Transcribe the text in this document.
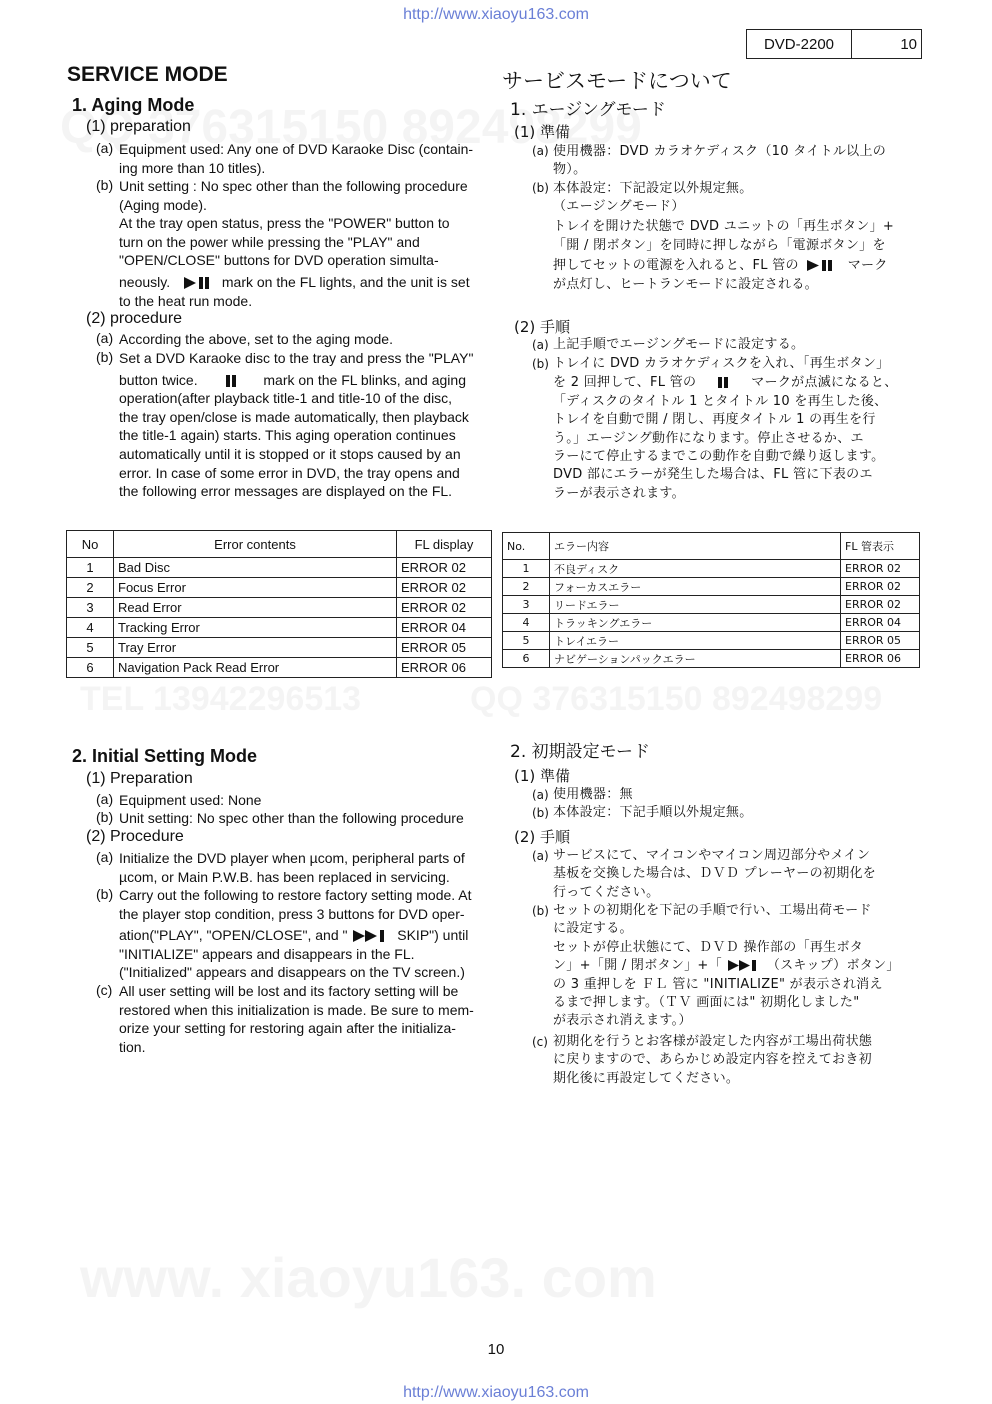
http://www.xiaoyu163.com
DVD-2200	10
SERVICE MODE
1. Aging Mode
(1) preparation
(a) Equipment used: Any one of DVD Karaoke Disc (contain-
ing more than 10 titles).
(b) Unit setting : No spec other than the following procedure
(Aging mode).
At the tray open status, press the "POWER" button to
turn on the power while pressing the "PLAY" and
"OPEN/CLOSE" buttons for DVD operation simulta-
neously.	mark on the FL lights, and the unit is set
to the heat run mode.
(2) procedure
(a) According the above, set to the aging mode.
(b) Set a DVD Karaoke disc to the tray and press the "PLAY"
button twice.	mark on the FL blinks, and aging
operation(after playback title-1 and title-10 of the disc,
the tray open/close is made automatically, then playback
the title-1 again) starts. This aging operation continues
automatically until it is stopped or it stops caused by an
error. In case of some error in DVD, the tray opens and
the following error messages are displayed on the FL.
No	Error contents	FL display
1	Bad Disc	ERROR 02
2	Focus Error	ERROR 02
3	Read Error	ERROR 02
4	Tracking Error	ERROR 04
5	Tray Error	ERROR 05
6	Navigation Pack Read Error	ERROR 06
2. Initial Setting Mode
(1) Preparation
(a) Equipment used: None
(b) Unit setting: No spec other than the following procedure
(2) Procedure
(a) Initialize the DVD player when µcom, peripheral parts of
µcom, or Main P.W.B. has been replaced in servicing.
(b) Carry out the following to restore factory setting mode. At
the player stop condition, press 3 buttons for DVD oper-
ation("PLAY", "OPEN/CLOSE", and "	SKIP") until
"INITIALIZE" appears and disappears in the FL.
("Initialized" appears and disappears on the TV screen.)
(c) All user setting will be lost and its factory setting will be
restored when this initialization is made. Be sure to mem-
orize your setting for restoring again after the initializa-
tion.
サービスモードについて
1. エージングモード
(1) 準備
(a) 使用機器：DVD カラオケディスク（10 タイトル以上の
物）。
(b) 本体設定：下記設定以外規定無。
（エージングモード）
トレイを開けた状態で DVD ユニットの「再生ボタン」+
「開 / 閉ボタン」を同時に押しながら「電源ボタン」を
押してセットの電源を入れると、FL 管の	マーク
が点灯し、ヒートランモードに設定される。
(2) 手順
(a) 上記手順でエージングモードに設定する。
(b) トレイに DVD カラオケディスクを入れ、「再生ボタン」
を 2 回押して、FL 管の	マークが点滅になると、
「ディスクのタイトル 1 とタイトル 10 を再生した後、
トレイを自動で開 / 閉し、再度タイトル 1 の再生を行
う。」エージング動作になります。停止させるか、エ
ラーにて停止するまでこの動作を自動で繰り返します。
DVD 部にエラーが発生した場合は、FL 管に下表のエ
ラーが表示されます。
No.	エラー内容	FL 管表示
1	不良ディスク	ERROR 02
2	フォーカスエラー	ERROR 02
3	リードエラー	ERROR 02
4	トラッキングエラー	ERROR 04
5	トレイエラー	ERROR 05
6	ナビゲーションパックエラー	ERROR 06
2. 初期設定モード
(1) 準備
(a) 使用機器：無
(b) 本体設定：下記手順以外規定無。
(2) 手順
(a) サービスにて、マイコンやマイコン周辺部分やメイン
基板を交換した場合は、ＤＶＤ プレーヤーの初期化を
行ってください。
(b) セットの初期化を下記の手順で行い、工場出荷モード
に設定する。
セットが停止状態にて、ＤＶＤ 操作部の「再生ボタ
ン」+「開 / 閉ボタン」+「	（スキップ）ボタン」
の 3 重押しを ＦＬ 管に "INITIALIZE" が表示され消え
るまで押します。（ＴＶ 画面には" 初期化しました"
が表示され消えます。）
(c) 初期化を行うとお客様が設定した内容が工場出荷状態
に戻りますので、あらかじめ設定内容を控えておき初
期化後に再設定してください。
10
http://www.xiaoyu163.com
